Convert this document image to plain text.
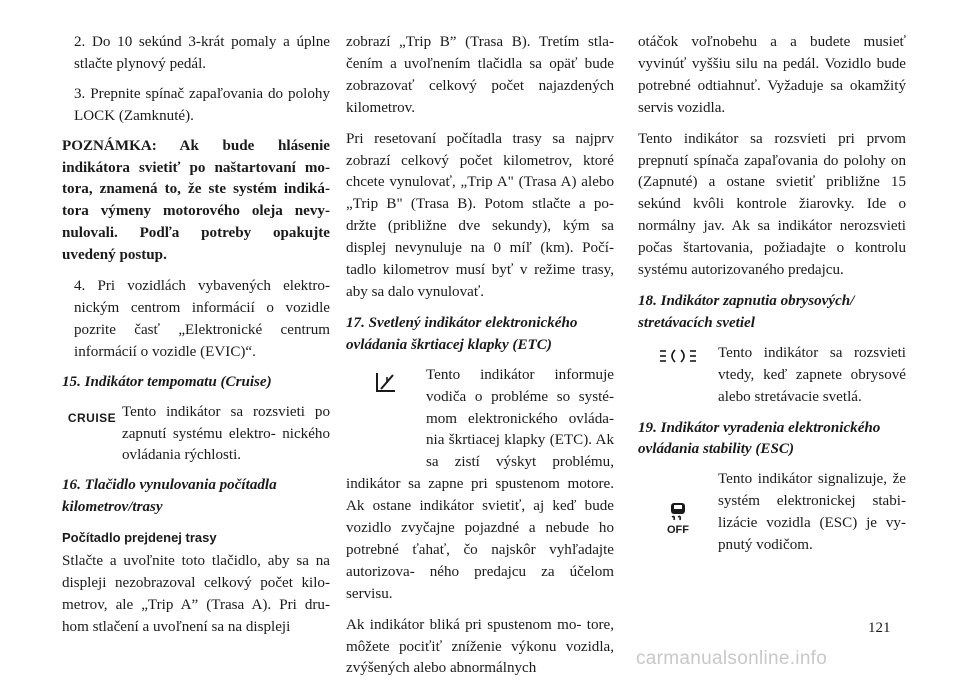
2. Do 10 sekúnd 3-krát pomaly a úplne stlačte plynový pedál.

3. Prepnite spínač zapaľovania do polohy LOCK (Zamknuté).

POZNÁMKA: Ak bude hlásenie indikátora svietiť po naštartovaní mo- tora, znamená to, že ste systém indiká- tora výmeny motorového oleja nevy- nulovali. Podľa potreby opakujte uvedený postup.

4. Pri vozidlách vybavených elektro- nickým centrom informácií o vozidle pozrite časť „Elektronické centrum informácií o vozidle (EVIC)“.

15. Indikátor tempomatu (Cruise)
CRUISE Tento indikátor sa rozsvieti po zapnutí systému elektro- nického ovládania rýchlosti.
16. Tlačidlo vynulovania počítadla kilometrov/trasy
Počítadlo prejdenej trasy

Stlačte a uvoľnite toto tlačidlo, aby sa na displeji nezobrazoval celkový počet kilo- metrov, ale „Trip A” (Trasa A). Pri dru- hom stlačení a uvoľnení sa na displeji

zobrazí „Trip B” (Trasa B). Tretím stla- čením a uvoľnením tlačidla sa opäť bude zobrazovať celkový počet najazdených kilometrov.

Pri resetovaní počítadla trasy sa najprv zobrazí celkový počet kilometrov, ktoré chcete vynulovať, „Trip A" (Trasa A) alebo „Trip B" (Trasa B). Potom stlačte a po- držte (približne dve sekundy), kým sa displej nevynuluje na 0 míľ (km). Počí- tadlo kilometrov musí byť v režime trasy, aby sa dalo vynulovať.

17. Svetlený indikátor elektronického ovládania škrtiacej klapky (ETC)

Tento indikátor informuje vodiča o probléme so systé- mom elektronického ovláda- nia škrtiacej klapky (ETC). Ak sa zistí výskyt problému, indikátor sa zapne pri spustenom motore. Ak ostane indikátor svietiť, aj keď bude vozidlo zvyčajne pojazdné a nebude ho potrebné ťahať, čo najskôr vyhľadajte autorizova- ného predajcu za účelom servisu.

Ak indikátor bliká pri spustenom mo- tore, môžete pociťiť zníženie výkonu vozidla, zvýšených alebo abnormálnych

otáčok voľnobehu a a budete musieť vyvinúť vyššiu silu na pedál. Vozidlo bude potrebné odtiahnuť. Vyžaduje sa okamžitý servis vozidla.

Tento indikátor sa rozsvieti pri prvom prepnutí spínača zapaľovania do polohy on (Zapnuté) a ostane svietiť približne 15 sekúnd kvôli kontrole žiarovky. Ide o normálny jav. Ak sa indikátor nerozsvieti počas štartovania, požiadajte o kontrolu systému autorizovaného predajcu.

18. Indikátor zapnutia obrysových/ stretávacích svetiel

Tento indikátor sa rozsvieti vtedy, keď zapnete obrysové alebo stretávacie svetlá.

19. Indikátor vyradenia elektronického ovládania stability (ESC)
OFF

Tento indikátor signalizuje, že systém elektronickej stabi- lizácie vozidla (ESC) je vy- pnutý vodičom.

121
carmanualsonline.info
